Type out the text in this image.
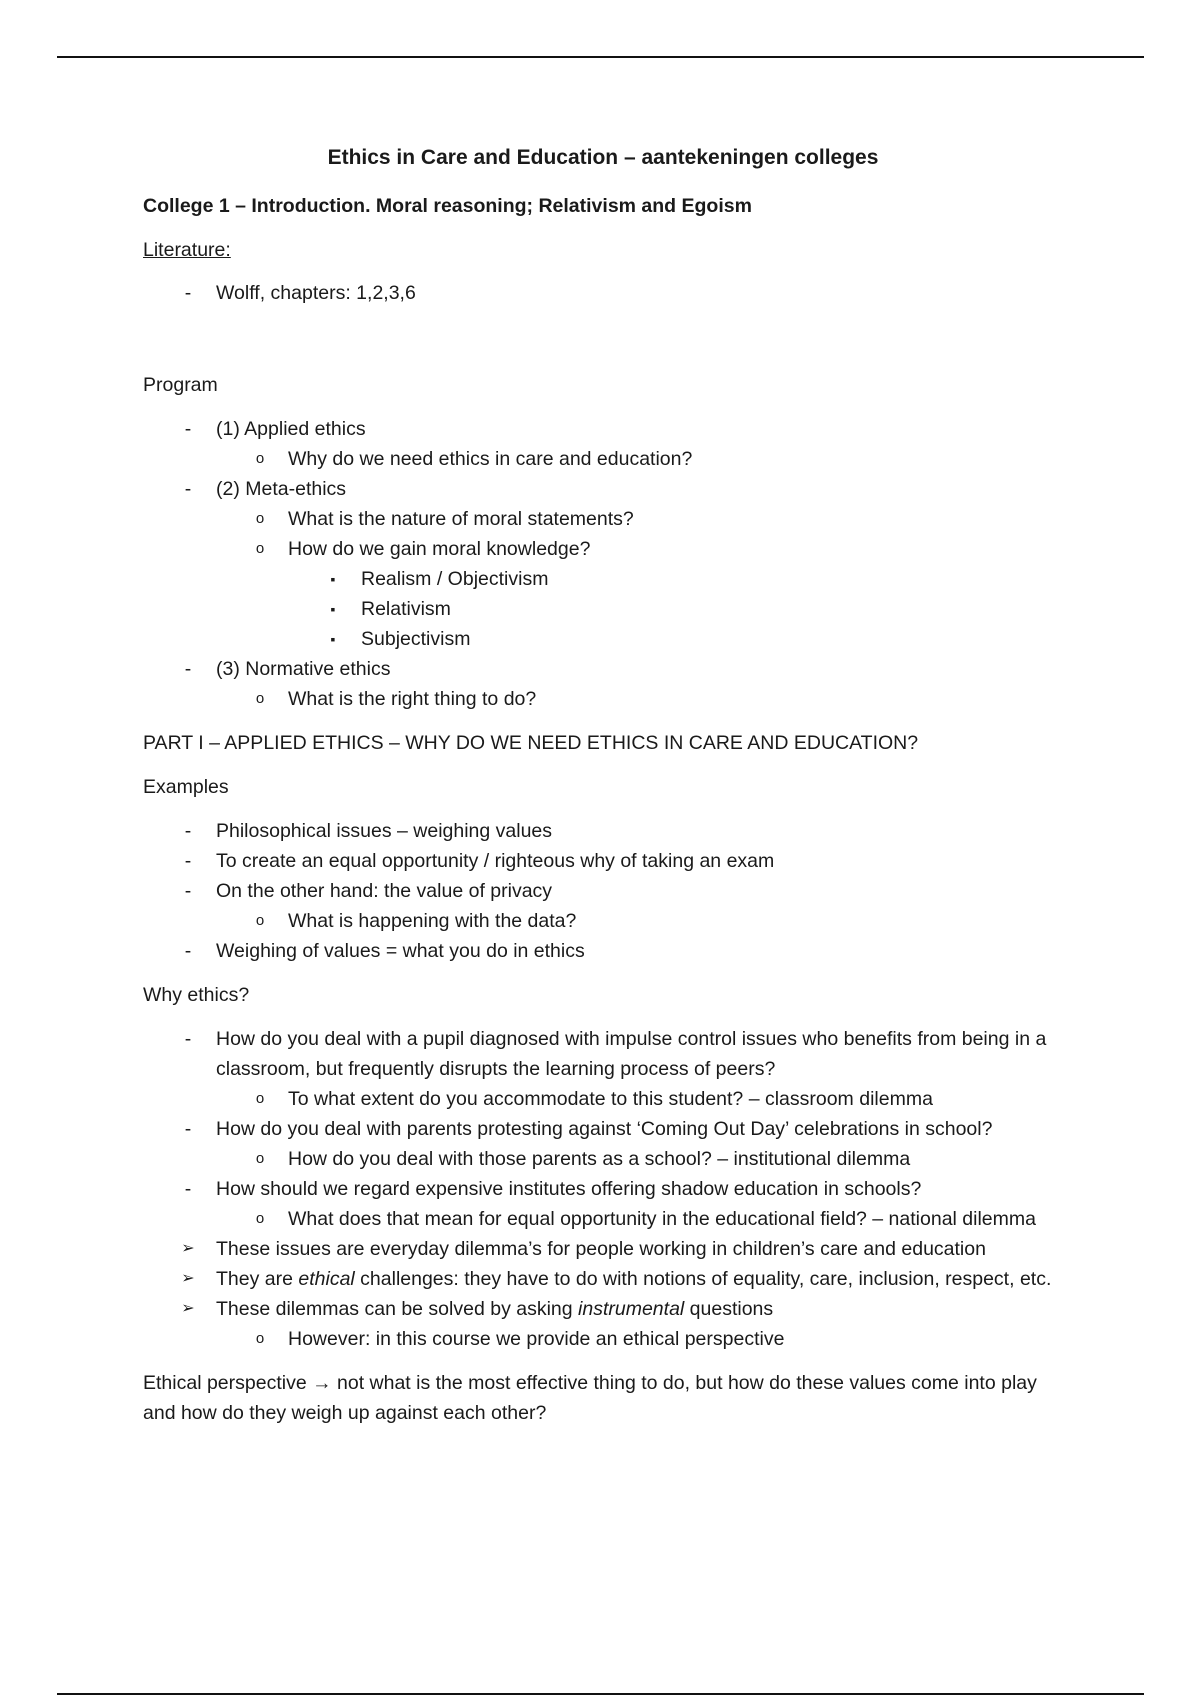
Ethics in Care and Education – aantekeningen colleges
College 1 – Introduction. Moral reasoning; Relativism and Egoism
Literature:
-	Wolff, chapters: 1,2,3,6

Program

-	(1) Applied ethics
o Why do we need ethics in care and education?
-	(2) Meta-ethics
o What is the nature of moral statements?
o How do we gain moral knowledge?
▪	Realism / Objectivism
▪	Relativism
▪	Subjectivism
-	(3) Normative ethics
o What is the right thing to do?

PART I – APPLIED ETHICS – WHY DO WE NEED ETHICS IN CARE AND EDUCATION?

Examples

-	Philosophical issues – weighing values
-	To create an equal opportunity / righteous why of taking an exam
-	On the other hand: the value of privacy
o What is happening with the data?
-	Weighing of values = what you do in ethics

Why ethics?

-	How do you deal with a pupil diagnosed with impulse control issues who benefits from being in a classroom, but frequently disrupts the learning process of peers?
o To what extent do you accommodate to this student? – classroom dilemma
-	How do you deal with parents protesting against ‘Coming Out Day’ celebrations in school?
o How do you deal with those parents as a school? – institutional dilemma
-	How should we regard expensive institutes offering shadow education in schools?
o What does that mean for equal opportunity in the educational field? – national dilemma
➢ These issues are everyday dilemma’s for people working in children’s care and education
➢ They are ethical challenges: they have to do with notions of equality, care, inclusion, respect, etc.
➢ These dilemmas can be solved by asking instrumental questions
o However: in this course we provide an ethical perspective

Ethical perspective → not what is the most effective thing to do, but how do these values come into play and how do they weigh up against each other?
